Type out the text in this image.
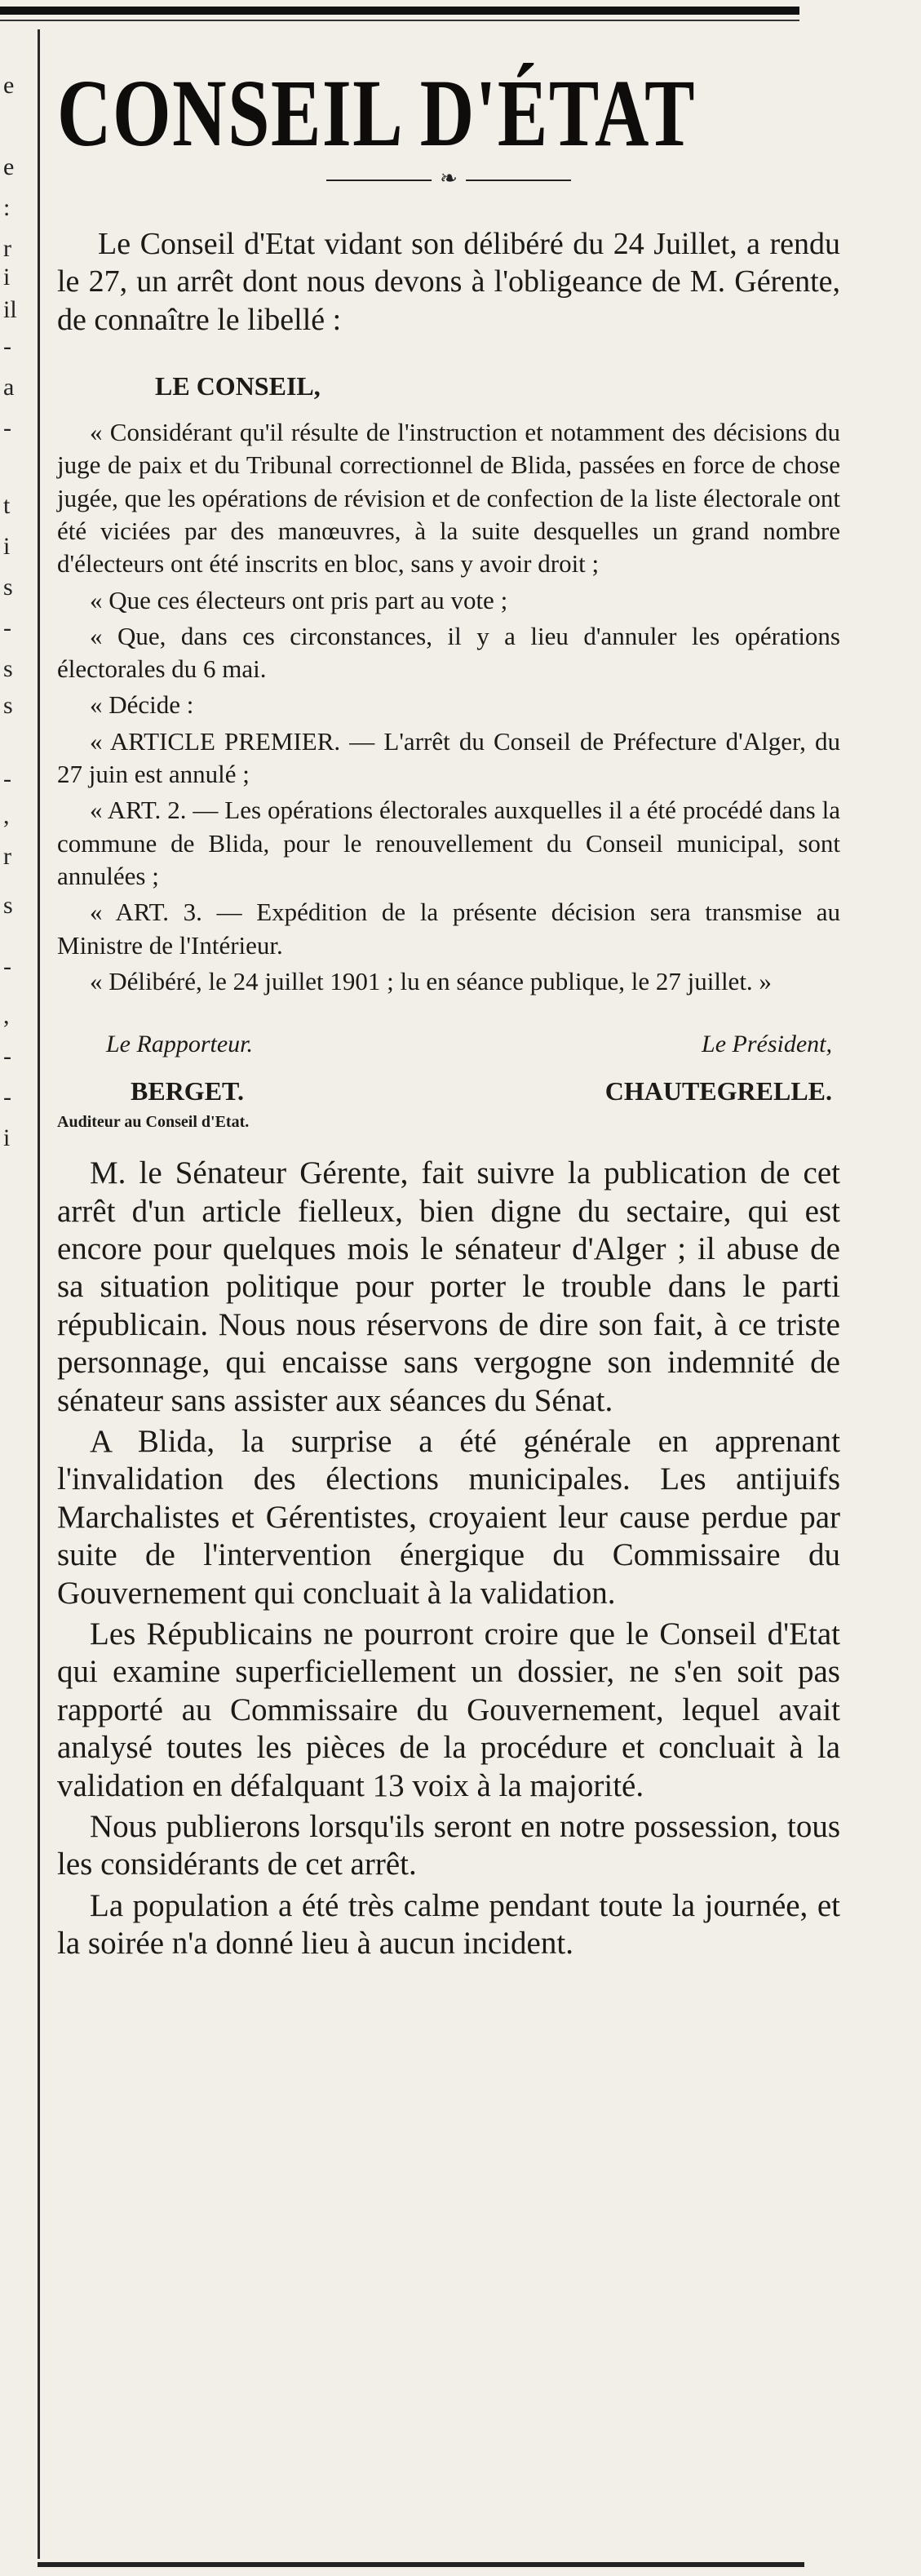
e
e
:
r
i
il
-
a
-
t
i
s
-
s
s
-
,
r
s
-
,
-
-
i
CONSEIL D'ÉTAT
❧

Le Conseil d'Etat vidant son délibéré du 24 Juillet, a rendu le 27, un arrêt dont nous devons à l'obligeance de M. Gérente, de connaître le libellé :

LE CONSEIL,

« Considérant qu'il résulte de l'instruction et notamment des décisions du juge de paix et du Tribunal correctionnel de Blida, passées en force de chose jugée, que les opérations de révision et de confection de la liste électorale ont été viciées par des manœuvres, à la suite desquelles un grand nombre d'électeurs ont été inscrits en bloc, sans y avoir droit ;

« Que ces électeurs ont pris part au vote ;

« Que, dans ces circonstances, il y a lieu d'annuler les opérations électorales du 6 mai.

« Décide :

« ARTICLE PREMIER. — L'arrêt du Conseil de Préfecture d'Alger, du 27 juin est annulé ;

« ART. 2. — Les opérations électorales auxquelles il a été procédé dans la commune de Blida, pour le renouvellement du Conseil municipal, sont annulées ;

« ART. 3. — Expédition de la présente décision sera transmise au Ministre de l'Intérieur.

« Délibéré, le 24 juillet 1901 ; lu en séance publique, le 27 juillet. »

Le Rapporteur.	Le Président,
BERGET.	CHAUTEGRELLE.
Auditeur au Conseil d'Etat.

M. le Sénateur Gérente, fait suivre la publication de cet arrêt d'un article fielleux, bien digne du sectaire, qui est encore pour quelques mois le sénateur d'Alger ; il abuse de sa situation politique pour porter le trouble dans le parti républicain. Nous nous réservons de dire son fait, à ce triste personnage, qui encaisse sans vergogne son indemnité de sénateur sans assister aux séances du Sénat.

A Blida, la surprise a été générale en apprenant l'invalidation des élections municipales. Les antijuifs Marchalistes et Gérentistes, croyaient leur cause perdue par suite de l'intervention énergique du Commissaire du Gouvernement qui concluait à la validation.

Les Républicains ne pourront croire que le Conseil d'Etat qui examine superficiellement un dossier, ne s'en soit pas rapporté au Commissaire du Gouvernement, lequel avait analysé toutes les pièces de la procédure et concluait à la validation en défalquant 13 voix à la majorité.

Nous publierons lorsqu'ils seront en notre possession, tous les considérants de cet arrêt.

La population a été très calme pendant toute la journée, et la soirée n'a donné lieu à aucun incident.
